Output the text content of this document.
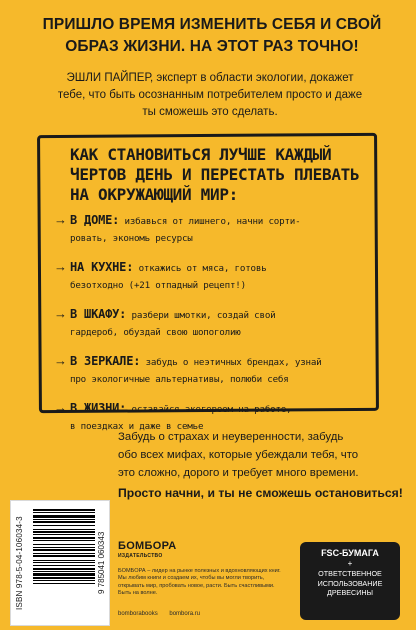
ПРИШЛО ВРЕМЯ ИЗМЕНИТЬ СЕБЯ И СВОЙ
ОБРАЗ ЖИЗНИ. НА ЭТОТ РАЗ ТОЧНО!
ЭШЛИ ПАЙПЕР, эксперт в области экологии, докажет
тебе, что быть осознанным потребителем просто и даже
ты сможешь это сделать.
КАК СТАНОВИТЬСЯ ЛУЧШЕ КАЖДЫЙ
ЧЕРТОВ ДЕНЬ И ПЕРЕСТАТЬ ПЛЕВАТЬ
НА ОКРУЖАЮЩИЙ МИР:
→ В ДОМЕ: избавься от лишнего, начни сорти-
ровать, экономь ресурсы
→ НА КУХНЕ: откажись от мяса, готовь
безотходно (+21 отпадный рецепт!)
→ В ШКАФУ: разбери шмотки, создай свой
гардероб, обуздай свою шопоголию
→ В ЗЕРКАЛЕ: забудь о неэтичных брендах, узнай
про экологичные альтернативы, полюби себя
→ В ЖИЗНИ: оставайся экогероем на работе,
в поездках и даже в семье
Забудь о страхах и неуверенности, забудь
обо всех мифах, которые убеждали тебя, что
это сложно, дорого и требует много времени.
Просто начни, и ты не сможешь остановиться!
ISBN 978-5-04-106034-3	9 785041 060343 БОМБОРА
ИЗДАТЕЛЬСТВО
БОМБОРА – лидер на рынке полезных и вдохновляющих книг. Мы любим книги и создаем их, чтобы вы могли творить, открывать мир, пробовать новое, расти. Быть счастливыми. Быть на волне.
bomborabooks bombora.ru
FSC-БУМАГА
+
ОТВЕТСТВЕННОЕ
ИСПОЛЬЗОВАНИЕ
ДРЕВЕСИНЫ
